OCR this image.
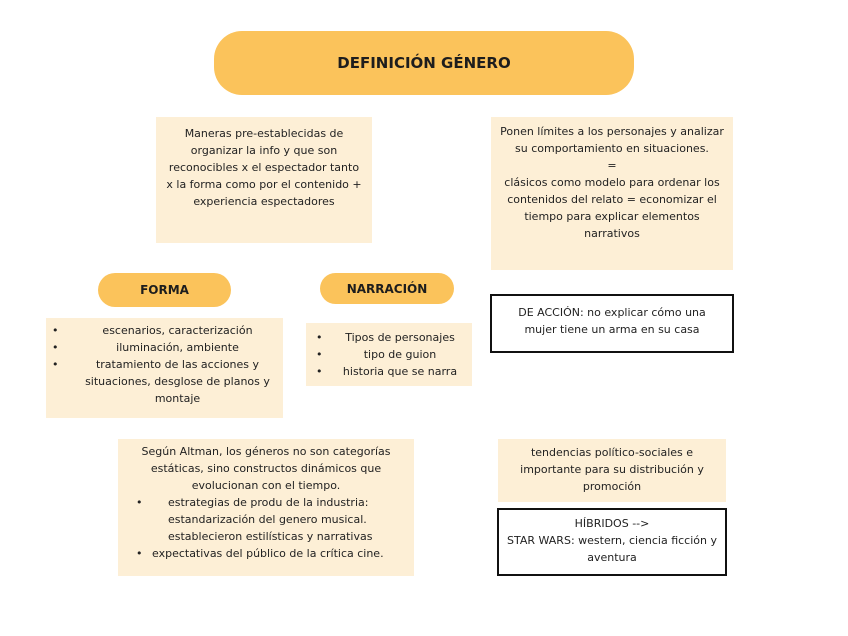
DEFINICIÓN GÉNERO

Maneras pre-establecidas de organizar la info y que son reconocibles x el espectador tanto x la forma como por el contenido + experiencia espectadores

Ponen límites a los personajes y analizar su comportamiento en situaciones.

=

clásicos como modelo para ordenar los contenidos del relato = economizar el tiempo para explicar elementos narrativos

FORMA	NARRACIÓN
•	escenarios, caracterización
•	iluminación, ambiente
•	tratamiento de las acciones y situaciones, desglose de planos y montaje
• Tipos de personajes
•	tipo de guion
• historia que se narra

DE ACCIÓN: no explicar cómo una mujer tiene un arma en su casa

Según Altman, los géneros no son categorías estáticas, sino constructos dinámicos que evolucionan con el tiempo.

• estrategias de produ de la industria: estandarización del genero musical. establecieron estilísticas y narrativas
• expectativas del público de la crítica cine.

tendencias político-sociales e importante para su distribución y promoción

HÍBRIDOS -->

STAR WARS: western, ciencia ficción y aventura
